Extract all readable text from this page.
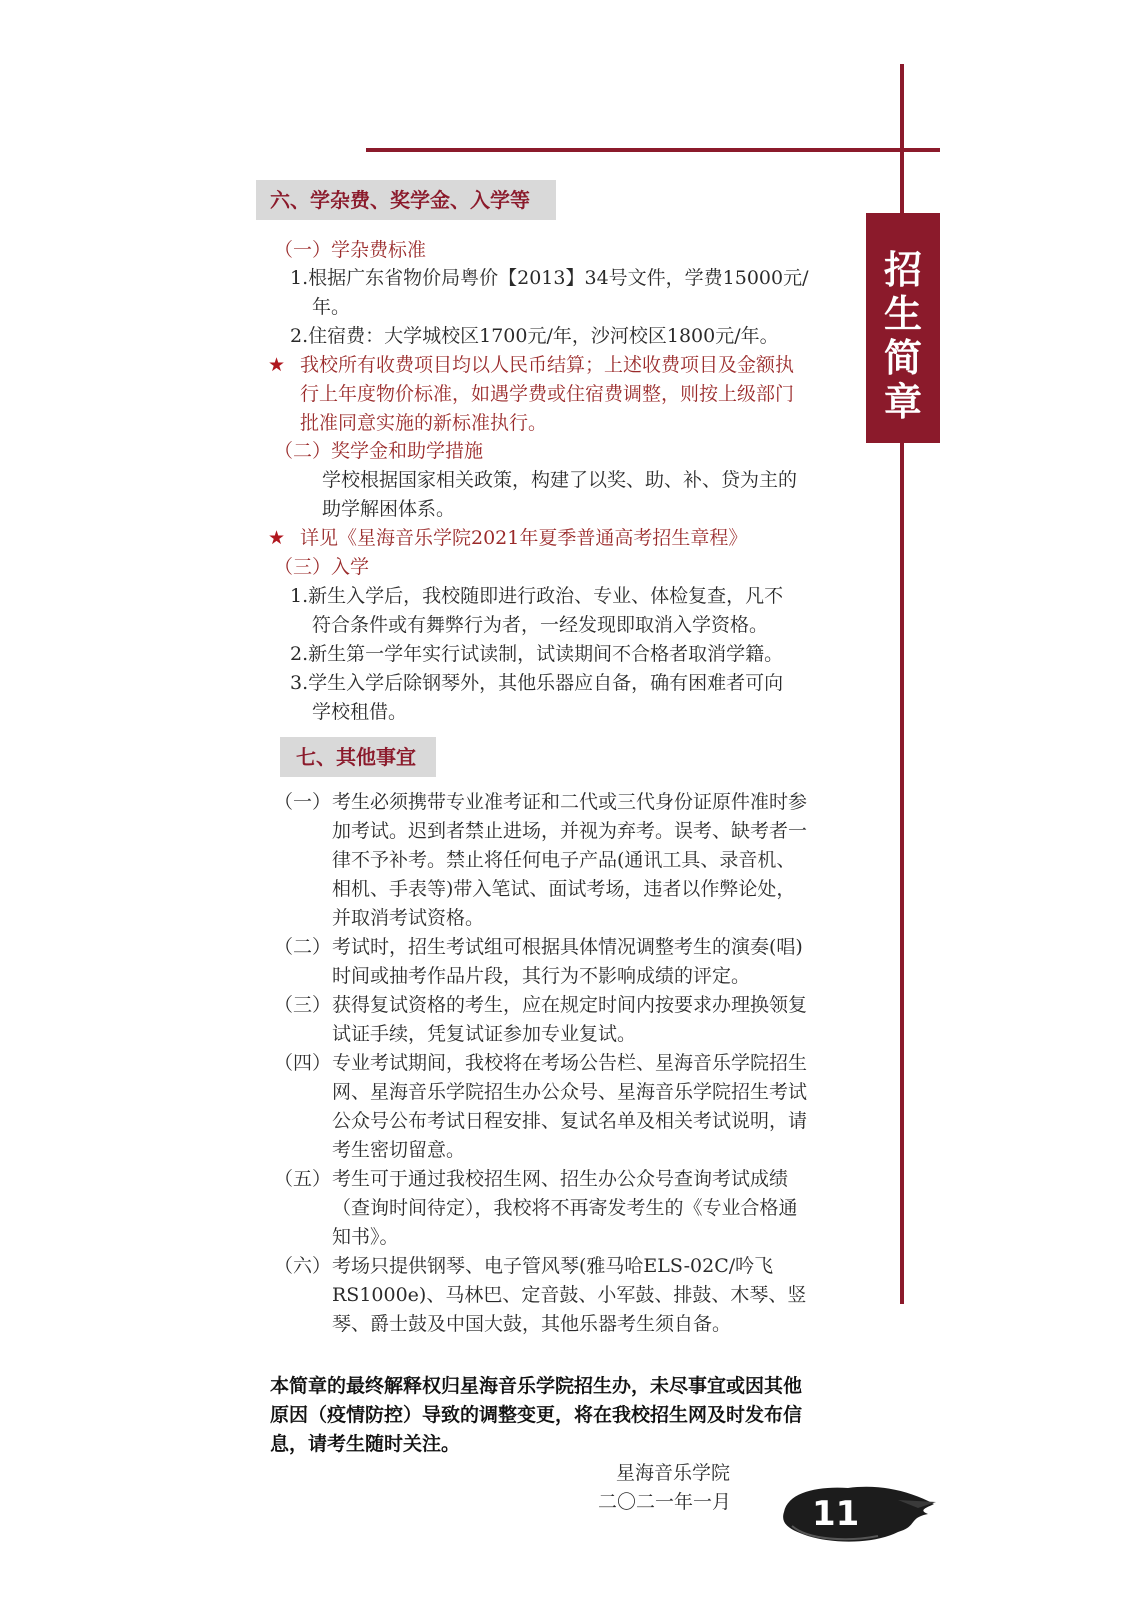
招
生
简
章
六、学杂费、奖学金、入学等
（一）学杂费标准
1.根据广东省物价局粤价【2013】34号文件，学费15000元/
年。
2.住宿费：大学城校区1700元/年，沙河校区1800元/年。
★ 我校所有收费项目均以人民币结算；上述收费项目及金额执
行上年度物价标准，如遇学费或住宿费调整，则按上级部门
批准同意实施的新标准执行。
（二）奖学金和助学措施
学校根据国家相关政策，构建了以奖、助、补、贷为主的
助学解困体系。
★ 详见《星海音乐学院2021年夏季普通高考招生章程》
（三）入学
1.新生入学后，我校随即进行政治、专业、体检复查，凡不
符合条件或有舞弊行为者，一经发现即取消入学资格。
2.新生第一学年实行试读制，试读期间不合格者取消学籍。
3.学生入学后除钢琴外，其他乐器应自备，确有困难者可向
学校租借。
七、其他事宜
（一） 考生必须携带专业准考证和二代或三代身份证原件准时参
加考试。迟到者禁止进场，并视为弃考。误考、缺考者一
律不予补考。禁止将任何电子产品(通讯工具、录音机、
相机、手表等)带入笔试、面试考场，违者以作弊论处，
并取消考试资格。
（二） 考试时，招生考试组可根据具体情况调整考生的演奏(唱)
时间或抽考作品片段，其行为不影响成绩的评定。
（三） 获得复试资格的考生，应在规定时间内按要求办理换领复
试证手续，凭复试证参加专业复试。
（四） 专业考试期间，我校将在考场公告栏、星海音乐学院招生
网、星海音乐学院招生办公众号、星海音乐学院招生考试
公众号公布考试日程安排、复试名单及相关考试说明，请
考生密切留意。
（五） 考生可于通过我校招生网、招生办公众号查询考试成绩
（查询时间待定），我校将不再寄发考生的《专业合格通
知书》。
（六） 考场只提供钢琴、电子管风琴(雅马哈ELS-02C/吟飞
RS1000e)、马林巴、定音鼓、小军鼓、排鼓、木琴、竖
琴、爵士鼓及中国大鼓，其他乐器考生须自备。
本简章的最终解释权归星海音乐学院招生办，未尽事宜或因其他
原因（疫情防控）导致的调整变更，将在我校招生网及时发布信
息，请考生随时关注。
星海音乐学院
二〇二一年一月 11
